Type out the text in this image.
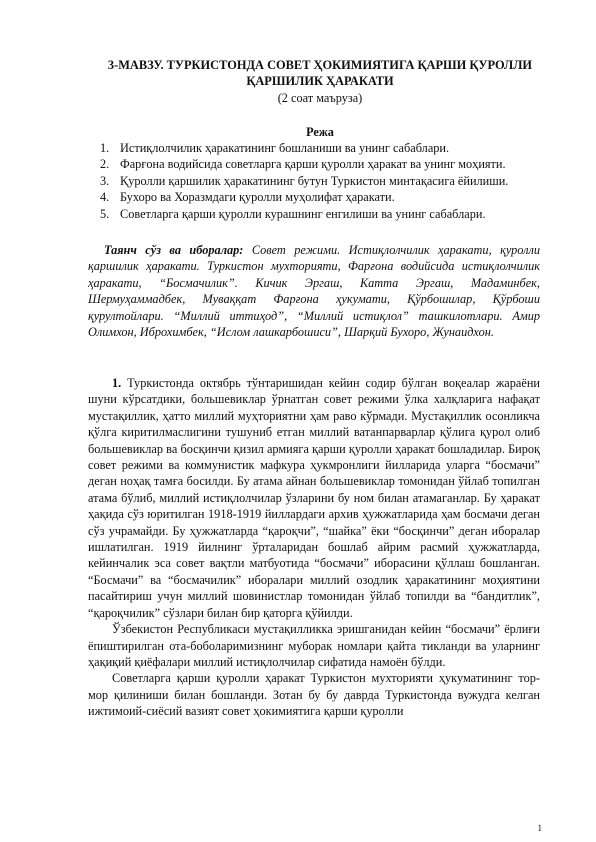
3-МАВЗУ. ТУРКИСТОНДА СОВЕТ ҲОКИМИЯТИГА ҚАРШИ ҚУРОЛЛИ ҚАРШИЛИК ҲАРАКАТИ

(2 соат маъруза)

Режа

1. Истиқлолчилик ҳаракатининг бошланиши ва унинг сабаблари.
2. Фарғона водийсида советларга қарши қуролли ҳаракат ва унинг моҳияти.
3. Қуролли қаршилик ҳаракатининг бутун Туркистон минтақасига ёйилиши.
4. Бухоро ва Хоразмдаги қуролли муҳолифат ҳаракати.
5. Советларга қарши қуролли курашнинг енгилиши ва унинг сабаблари.

Таянч сўз ва иборалар: Совет режими. Истиқлолчилик ҳаракати, қуролли қаршилик ҳаракати. Туркистон мухторияти, Фарғона водийсида истиқлолчилик ҳаракати, “Босмачилик”. Кичик Эргаш, Катта Эргаш, Мадаминбек, Шермуҳаммадбек, Мувaққат Фарғона ҳукумати, Қўрбошилар, Қўрбоши қурултойлари. “Миллий иттиҳод”, “Миллий истиқлол” ташкилотлари. Амир Олимхон, Иброхимбек, “Ислом лашкарбошиси”, Шарқий Бухоро, Жунаидхон.

1. Туркистонда октябрь тўнтаришидан кейин содир бўлган воқеалар жараёни шуни кўрсатдики, большевиклар ўрнатган совет режими ўлка халқларига нафақат мустақиллик, ҳатто миллий муҳториятни ҳам раво кўрмади. Мустақиллик осонликча қўлга киритилмаслигини тушуниб етган миллий ватанпарварлар қўлига қурол олиб большевиклар ва босқинчи қизил армияга қарши қуролли ҳаракат бошладилар. Бироқ совет режими ва коммунистик мафкура ҳукмронлиги йилларида уларга “босмачи” деган ноҳақ тамға босилди. Бу атама айнан большевиклар томонидан ўйлаб топилган атама бўлиб, миллий истиқлолчилар ўзларини бу ном билан атамаганлар. Бу ҳаракат ҳақида сўз юритилган 1918-1919 йиллардаги архив ҳужжатларида ҳам босмачи деган сўз учрамайди. Бу ҳужжатларда “қароқчи”, “шайка” ёки “босқинчи” деган иборалар ишлатилган. 1919 йилнинг ўрталаридан бошлаб айрим расмий ҳужжатларда, кейинчалик эса совет вақтли матбуотида “босмачи” иборасини қўллаш бошланган. “Босмачи” ва “босмачилик” иборалари миллий озодлик ҳаракатининг моҳиятини пасайтириш учун миллий шовинистлар томонидан ўйлаб топилди ва “бандитлик”, “қароқчилик” сўзлари билан бир қаторга қўйилди.

Ўзбекистон Республикаси мустақилликка эришганидан кейин “босмачи” ёрлиғи ёпиштирилган ота-боболаримизнинг муборак номлари қайта тикланди ва уларнинг ҳақиқий қиёфалари миллий истиқлолчилар сифатида намоён бўлди.

Советларга қарши қуролли ҳаракат Туркистон мухторияти ҳукуматининг тор-мор қилиниши билан бошланди. Зотан бу бу даврда Туркистонда вужудга келган ижтимоий-сиёсий вазият совет ҳокимиятига қарши қуролли

1
